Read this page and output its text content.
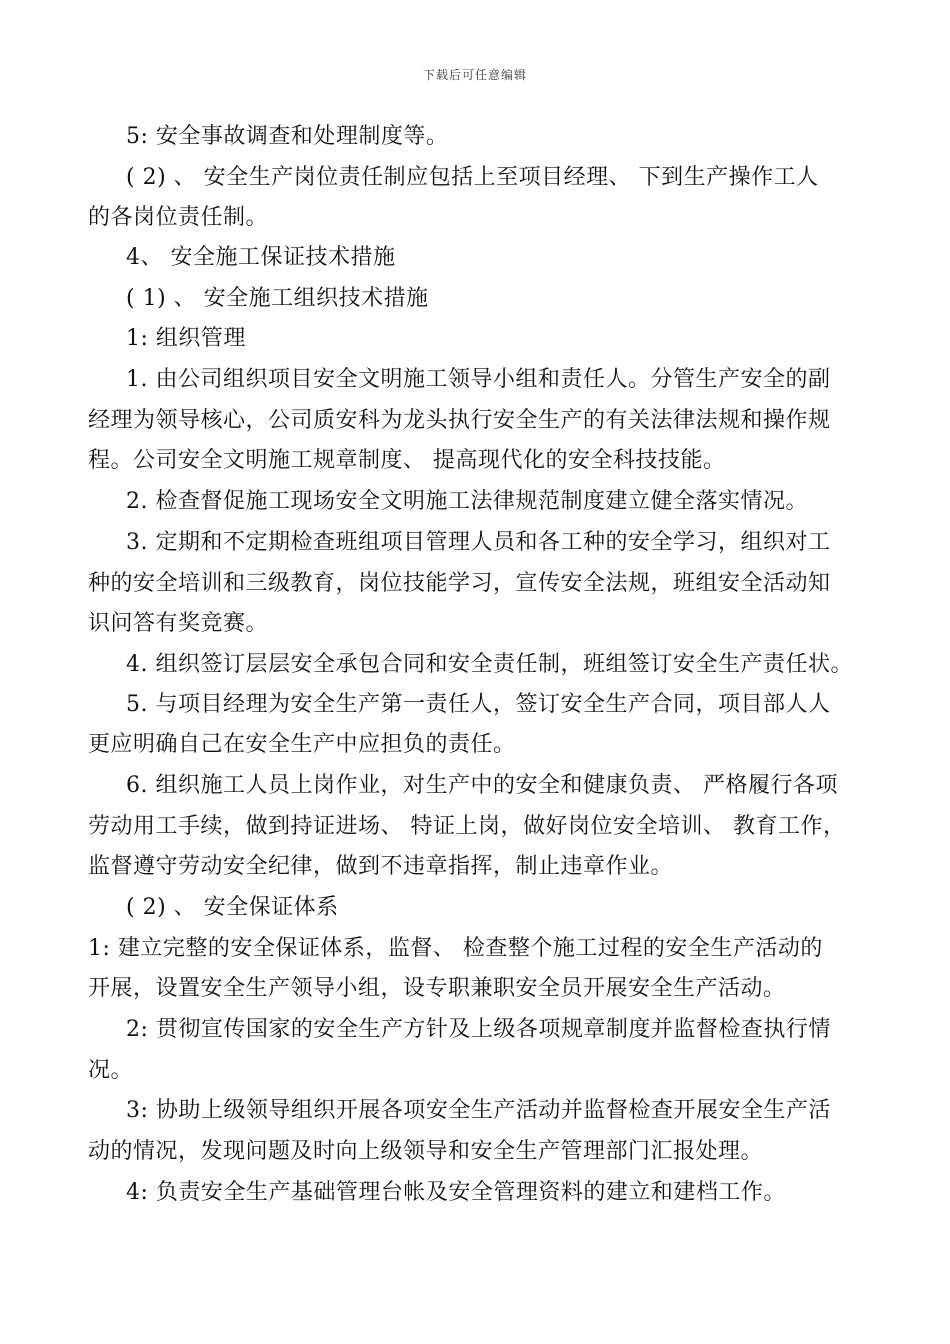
下载后可任意编辑
5: 安全事故调查和处理制度等。
( 2) 、 安全生产岗位责任制应包括上至项目经理、 下到生产操作工人
的各岗位责任制。
4、 安全施工保证技术措施
( 1) 、 安全施工组织技术措施
1: 组织管理
1. 由公司组织项目安全文明施工领导小组和责任人。分管生产安全的副
经理为领导核心，公司质安科为龙头执行安全生产的有关法律法规和操作规
程。公司安全文明施工规章制度、 提高现代化的安全科技技能。
2. 检查督促施工现场安全文明施工法律规范制度建立健全落实情况。
3. 定期和不定期检查班组项目管理人员和各工种的安全学习，组织对工
种的安全培训和三级教育，岗位技能学习，宣传安全法规，班组安全活动知
识问答有奖竞赛。
4. 组织签订层层安全承包合同和安全责任制，班组签订安全生产责任状。
5. 与项目经理为安全生产第一责任人，签订安全生产合同，项目部人人
更应明确自己在安全生产中应担负的责任。
6. 组织施工人员上岗作业，对生产中的安全和健康负责、 严格履行各项
劳动用工手续，做到持证进场、 特证上岗，做好岗位安全培训、 教育工作，
监督遵守劳动安全纪律，做到不违章指挥，制止违章作业。
( 2) 、 安全保证体系
1: 建立完整的安全保证体系，监督、 检查整个施工过程的安全生产活动的
开展，设置安全生产领导小组，设专职兼职安全员开展安全生产活动。
2: 贯彻宣传国家的安全生产方针及上级各项规章制度并监督检查执行情
况。
3: 协助上级领导组织开展各项安全生产活动并监督检查开展安全生产活
动的情况，发现问题及时向上级领导和安全生产管理部门汇报处理。
4: 负责安全生产基础管理台帐及安全管理资料的建立和建档工作。
